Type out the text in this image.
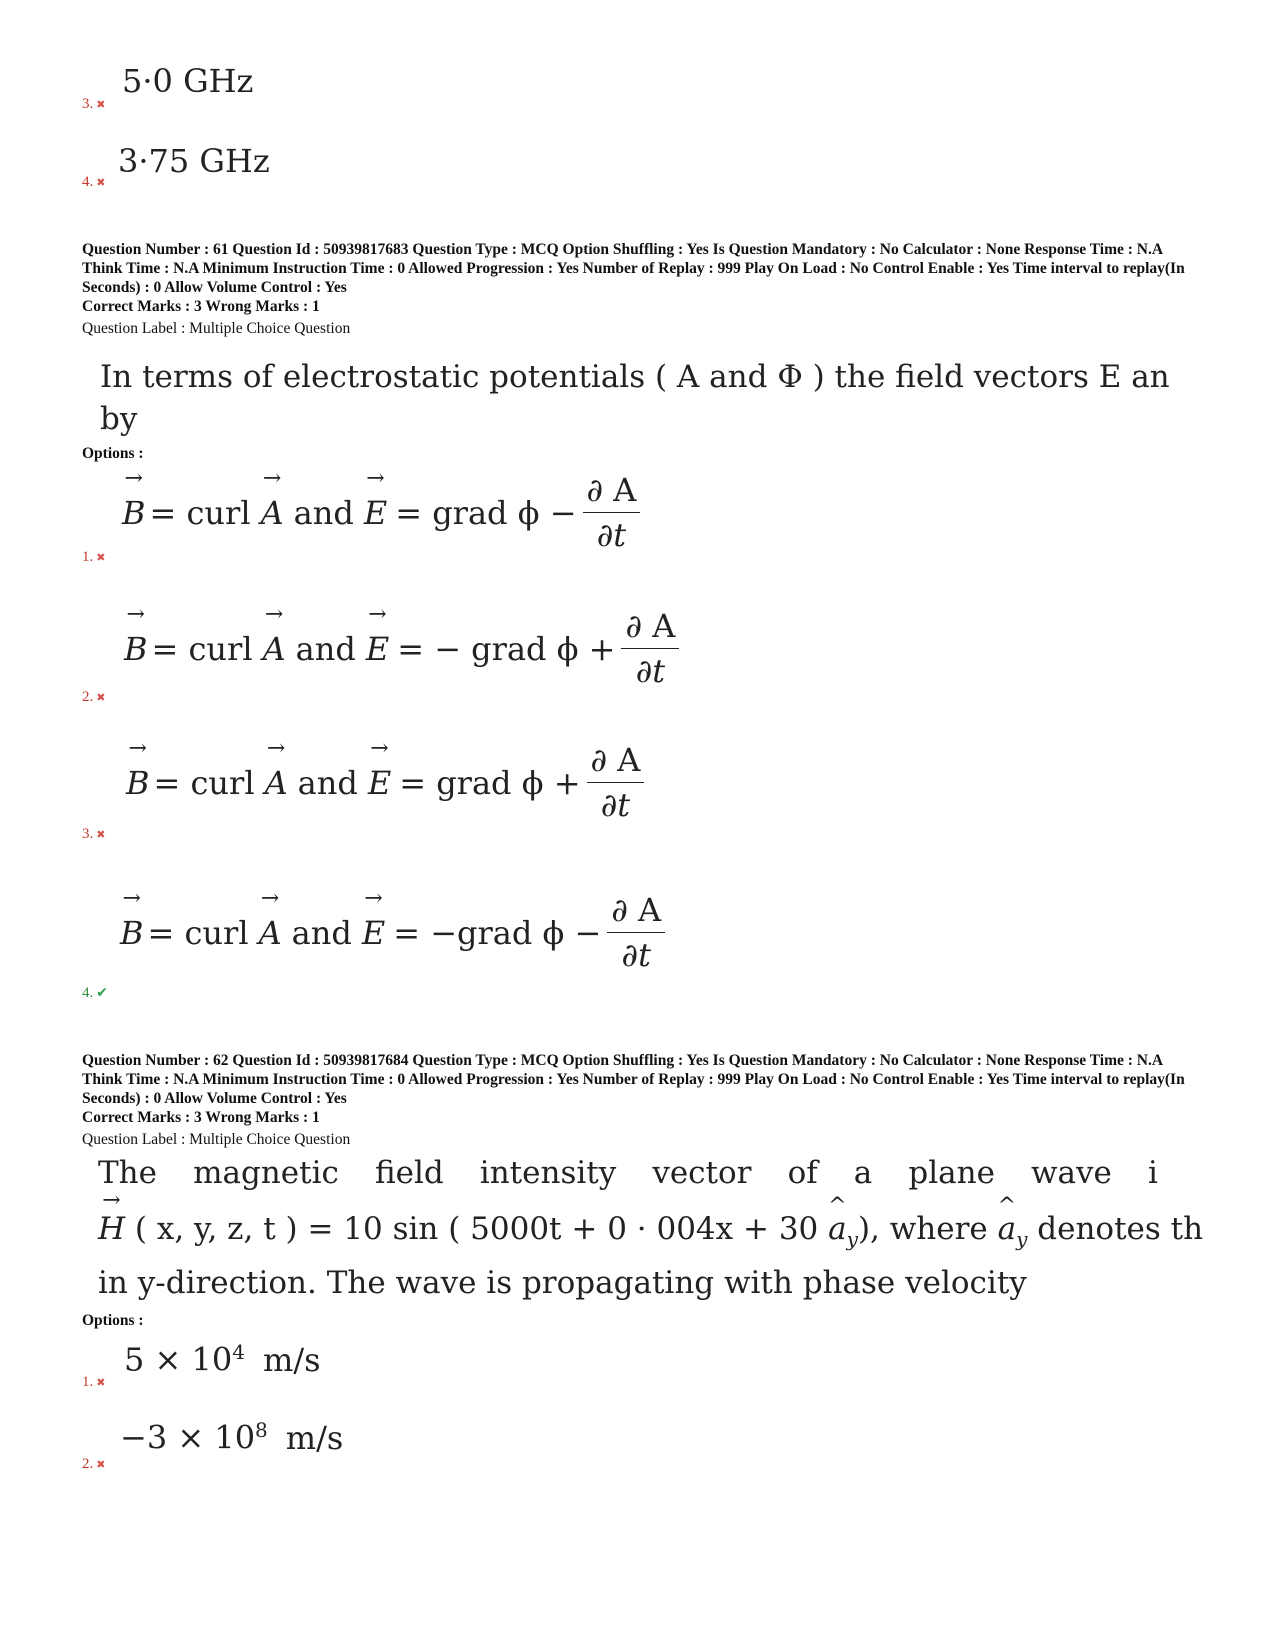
3. ✖
5·0 GHz
4. ✖
3·75 GHz
Question Number : 61 Question Id : 50939817683 Question Type : MCQ Option Shuffling : Yes Is Question Mandatory : No Calculator : None Response Time : N.A Think Time : N.A Minimum Instruction Time : 0 Allowed Progression : Yes Number of Replay : 999 Play On Load : No Control Enable : Yes Time interval to replay(In Seconds) : 0 Allow Volume Control : Yes
Correct Marks : 3 Wrong Marks : 1
Question Label : Multiple Choice Question
In terms of electrostatic potentials ( A and Φ ) the field vectors E an
by
Options :
→ B = curl → A and → E = grad $\phi - \frac{\partial A}{\partial t}$
1. ✖
→ B = curl → A and → E = − grad $\phi + \frac{\partial A}{\partial t}$
2. ✖
→ B = curl → A and → E = grad $\phi + \frac{\partial A}{\partial t}$
3. ✖
→ B = curl → A and → E = −grad $\phi - \frac{\partial A}{\partial t}$
4. ✔
Question Number : 62 Question Id : 50939817684 Question Type : MCQ Option Shuffling : Yes Is Question Mandatory : No Calculator : None Response Time : N.A Think Time : N.A Minimum Instruction Time : 0 Allowed Progression : Yes Number of Replay : 999 Play On Load : No Control Enable : Yes Time interval to replay(In Seconds) : 0 Allow Volume Control : Yes
Correct Marks : 3 Wrong Marks : 1
Question Label : Multiple Choice Question
The magnetic field intensity vector of a plane wave i
→ H ( x, y, z, t ) = 10 sin ( 5000t + 0 · 004x + 30 ^ $a_y$), where ^ $a_y$ denotes th
in y-direction. The wave is propagating with phase velocity
Options :
$5 \times 10^4$ m/s
1. ✖
$-3 \times 10^8$ m/s
2. ✖
